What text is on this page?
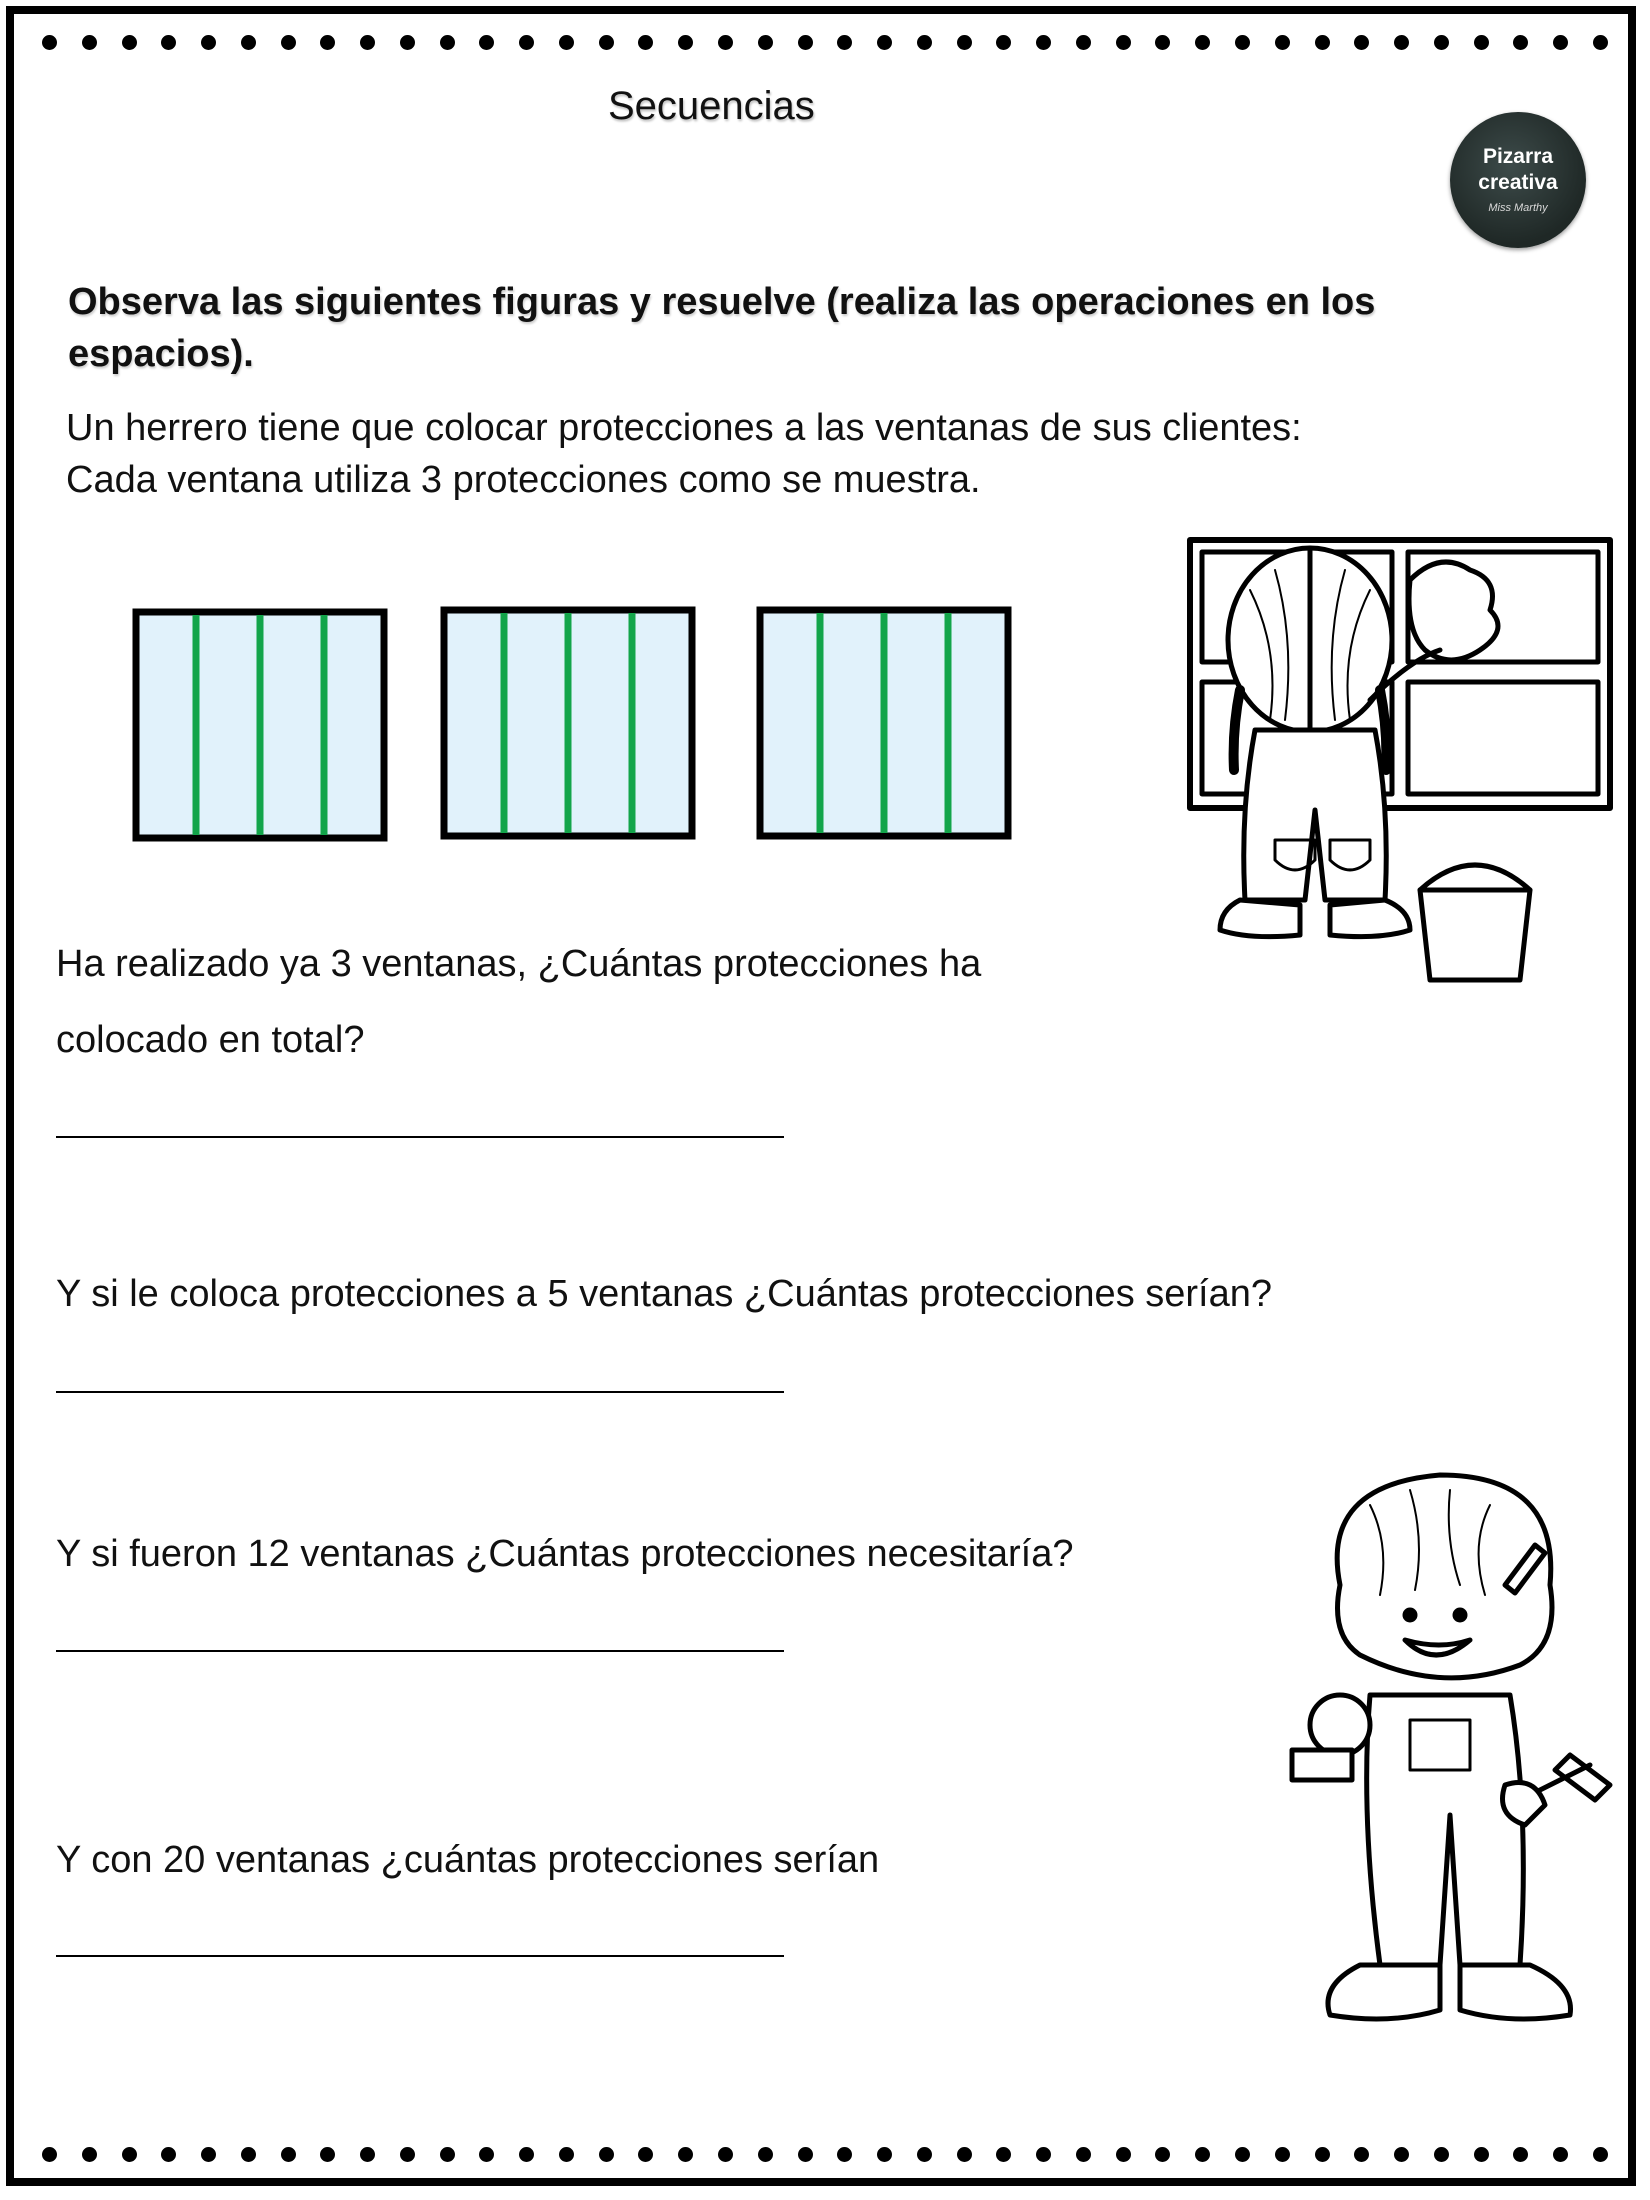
Secuencias
Pizarra
creativa
Miss Marthy
Observa las siguientes figuras y resuelve (realiza las operaciones en los espacios).

Un herrero tiene que colocar protecciones a las ventanas de sus clientes:

Cada ventana utiliza 3 protecciones como se muestra.

Ha realizado ya 3 ventanas, ¿Cuántas protecciones ha
colocado en total?
Y si le coloca protecciones a 5 ventanas ¿Cuántas protecciones serían?
Y si fueron 12 ventanas ¿Cuántas protecciones necesitaría?
Y con 20 ventanas ¿cuántas protecciones serían
